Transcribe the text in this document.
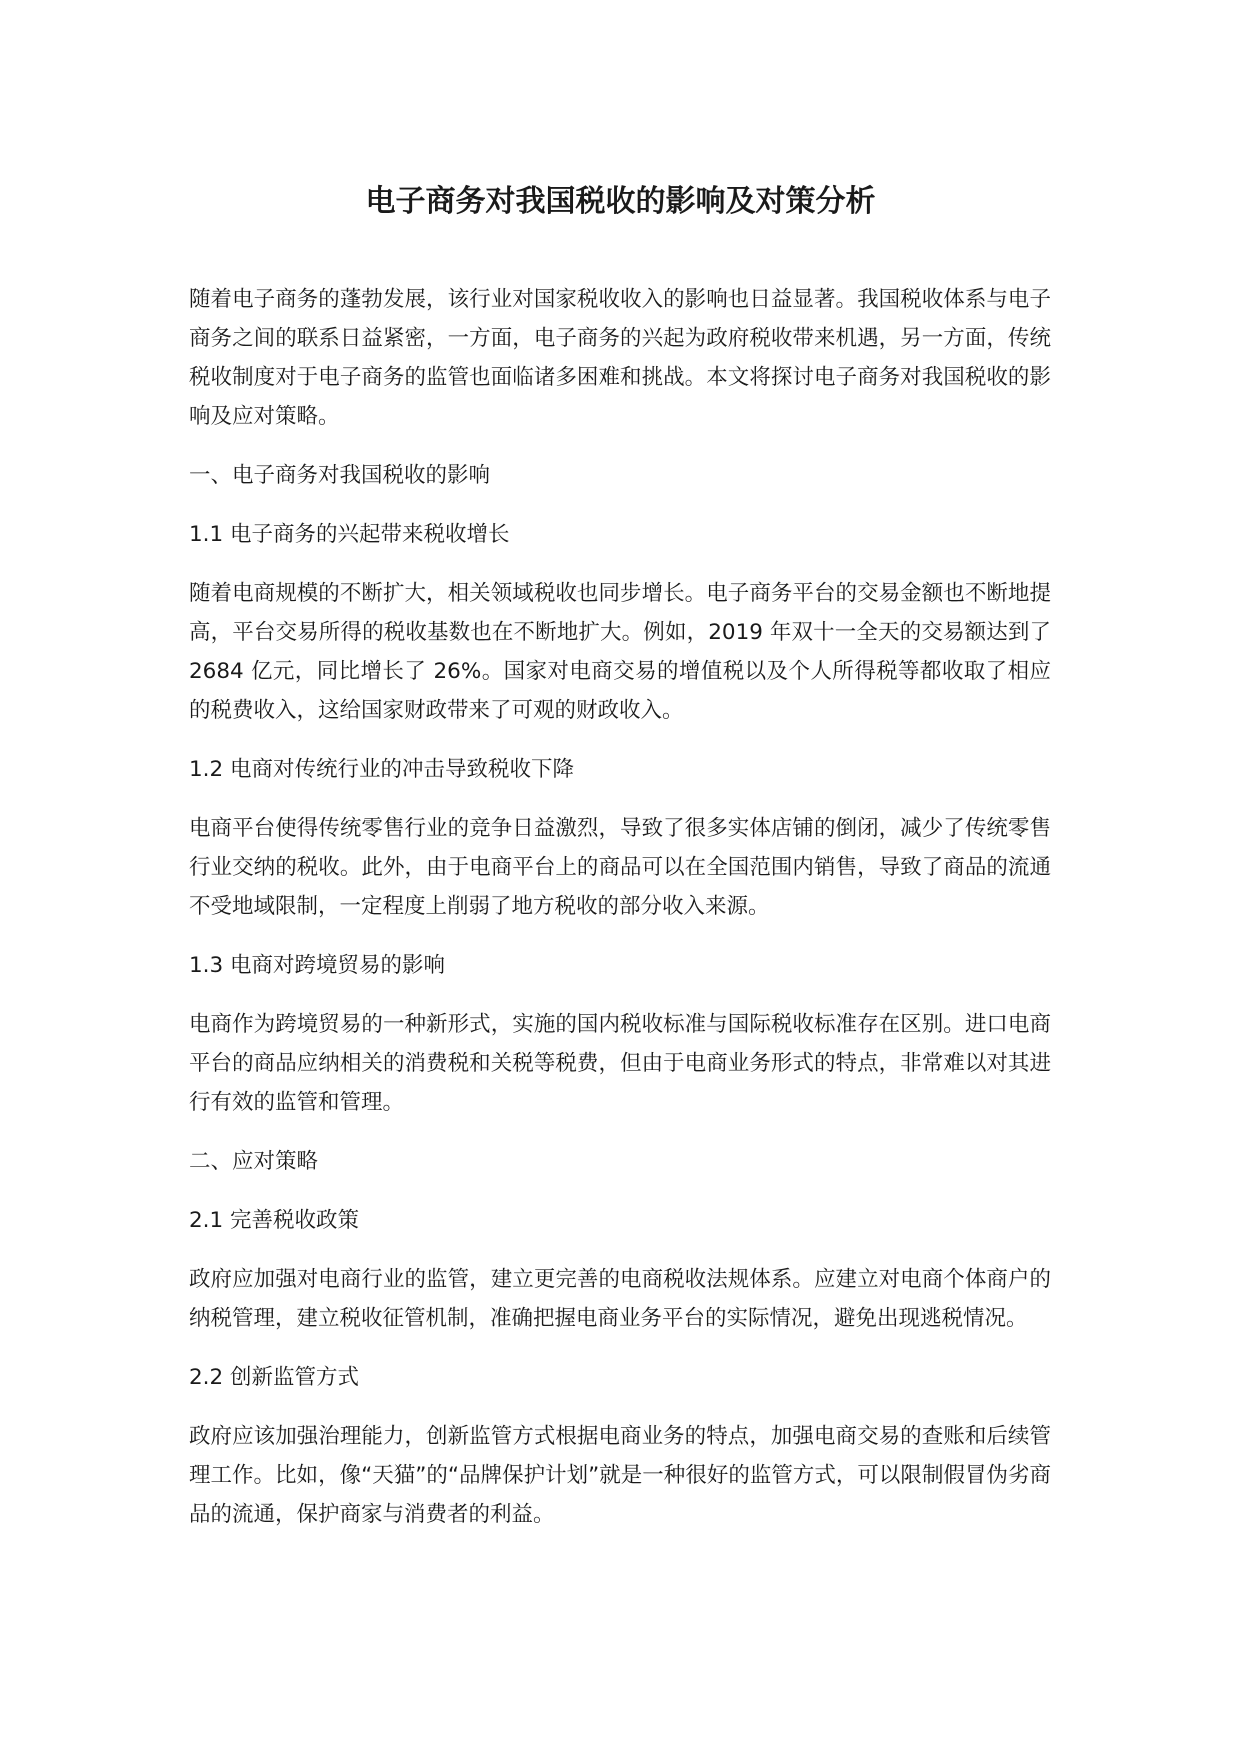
电子商务对我国税收的影响及对策分析

随着电子商务的蓬勃发展，该行业对国家税收收入的影响也日益显著。我国税收体系与电子商务之间的联系日益紧密，一方面，电子商务的兴起为政府税收带来机遇，另一方面，传统税收制度对于电子商务的监管也面临诸多困难和挑战。本文将探讨电子商务对我国税收的影响及应对策略。

一、电子商务对我国税收的影响

1.1 电子商务的兴起带来税收增长

随着电商规模的不断扩大，相关领域税收也同步增长。电子商务平台的交易金额也不断地提高，平台交易所得的税收基数也在不断地扩大。例如，2019 年双十一全天的交易额达到了 2684 亿元，同比增长了 26%。国家对电商交易的增值税以及个人所得税等都收取了相应的税费收入，这给国家财政带来了可观的财政收入。

1.2 电商对传统行业的冲击导致税收下降

电商平台使得传统零售行业的竞争日益激烈，导致了很多实体店铺的倒闭，减少了传统零售行业交纳的税收。此外，由于电商平台上的商品可以在全国范围内销售，导致了商品的流通不受地域限制，一定程度上削弱了地方税收的部分收入来源。

1.3 电商对跨境贸易的影响

电商作为跨境贸易的一种新形式，实施的国内税收标准与国际税收标准存在区别。进口电商平台的商品应纳相关的消费税和关税等税费，但由于电商业务形式的特点，非常难以对其进行有效的监管和管理。

二、应对策略

2.1 完善税收政策

政府应加强对电商行业的监管，建立更完善的电商税收法规体系。应建立对电商个体商户的纳税管理，建立税收征管机制，准确把握电商业务平台的实际情况，避免出现逃税情况。

2.2 创新监管方式

政府应该加强治理能力，创新监管方式根据电商业务的特点，加强电商交易的查账和后续管理工作。比如，像“天猫”的“品牌保护计划”就是一种很好的监管方式，可以限制假冒伪劣商品的流通，保护商家与消费者的利益。
